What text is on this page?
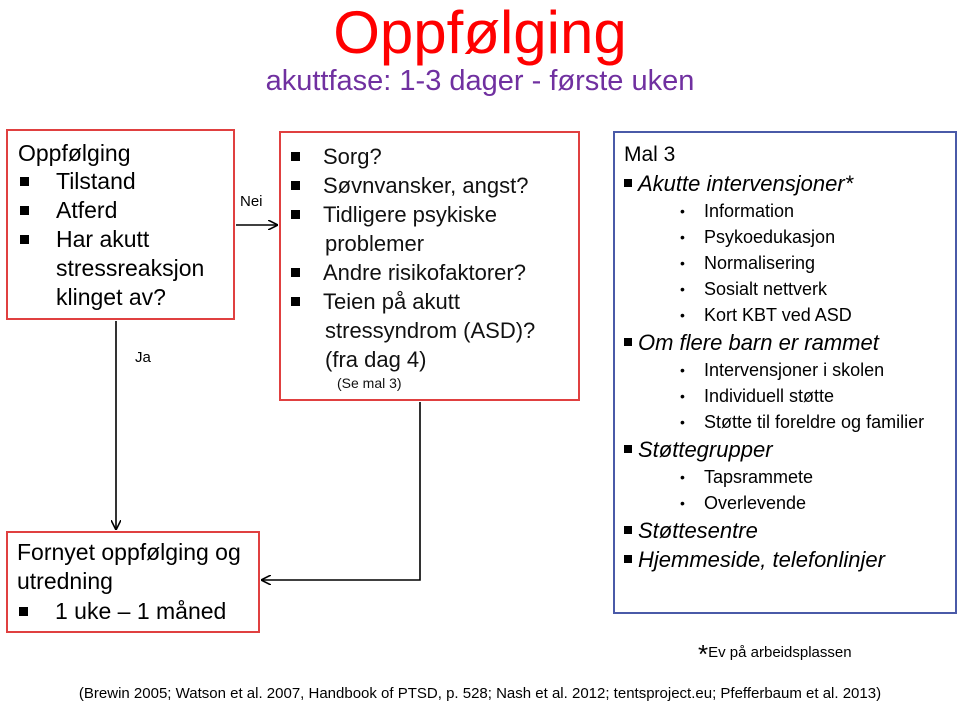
Oppfølging
akuttfase: 1-3 dager - første uken
Nei
Ja
Oppfølging
Tilstand
Atferd
Har akutt stressreaksjon klinget av?
Sorg?
Søvnvansker, angst?
Tidligere psykiske
problemer
Andre risikofaktorer?
Teien på akutt
stressyndrom (ASD)?
(fra dag 4)
(Se mal 3)
Fornyet oppfølging og utredning
1 uke – 1 måned
Mal 3
Akutte intervensjoner*
• Information
• Psykoedukasjon
• Normalisering
• Sosialt nettverk
• Kort KBT ved ASD
Om flere barn er rammet
• Intervensjoner i skolen
• Individuell støtte
• Støtte til foreldre og familier
Støttegrupper
• Tapsrammete
• Overlevende
Støttesentre
Hjemmeside, telefonlinjer
*Ev på arbeidsplassen
(Brewin 2005; Watson et al. 2007, Handbook of PTSD, p. 528; Nash et al. 2012; tentsproject.eu; Pfefferbaum et al. 2013)
